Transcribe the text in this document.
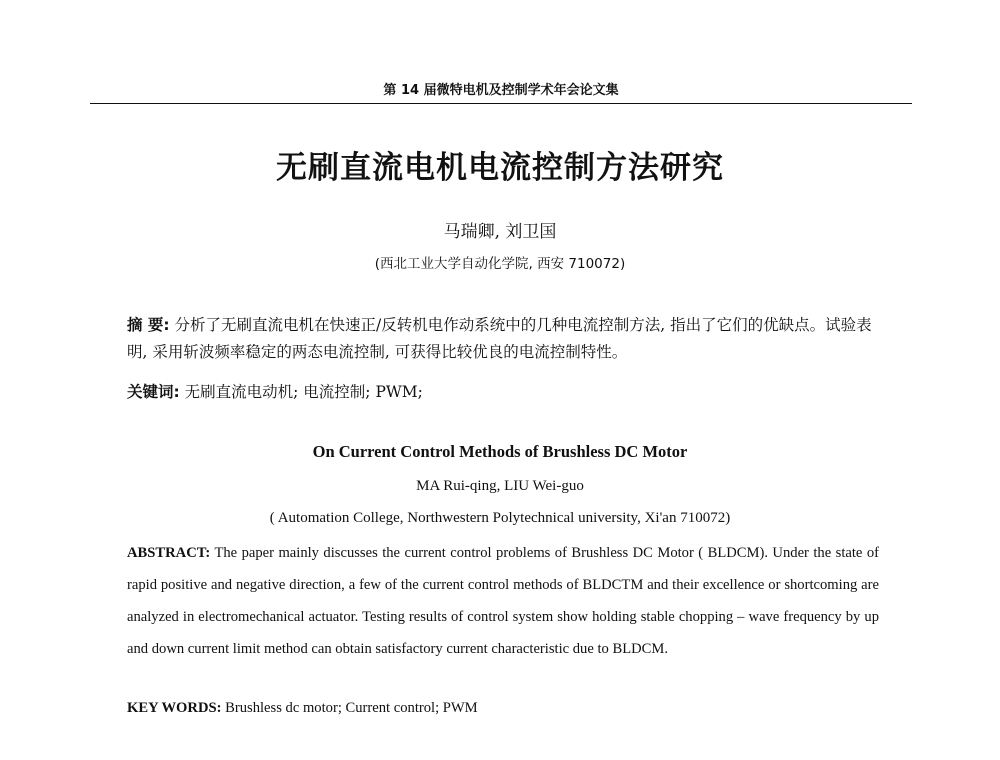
第 14 届微特电机及控制学术年会论文集
无刷直流电机电流控制方法研究
马瑞卿, 刘卫国
(西北工业大学自动化学院, 西安 710072)
摘 要: 分析了无刷直流电机在快速正/反转机电作动系统中的几种电流控制方法, 指出了它们的优缺点。试验表明, 采用斩波频率稳定的两态电流控制, 可获得比较优良的电流控制特性。
关键词: 无刷直流电动机; 电流控制; PWM;
On Current Control Methods of Brushless DC Motor
MA Rui-qing, LIU Wei-guo
( Automation College, Northwestern Polytechnical university, Xi'an 710072)
ABSTRACT: The paper mainly discusses the current control problems of Brushless DC Motor ( BLDCM). Under the state of rapid positive and negative direction, a few of the current control methods of BLDCTM and their excellence or shortcoming are analyzed in electromechanical actuator. Testing results of control system show holding stable chopping – wave frequency by up and down current limit method can obtain satisfactory current characteristic due to BLDCM.
KEY WORDS: Brushless dc motor; Current control; PWM
